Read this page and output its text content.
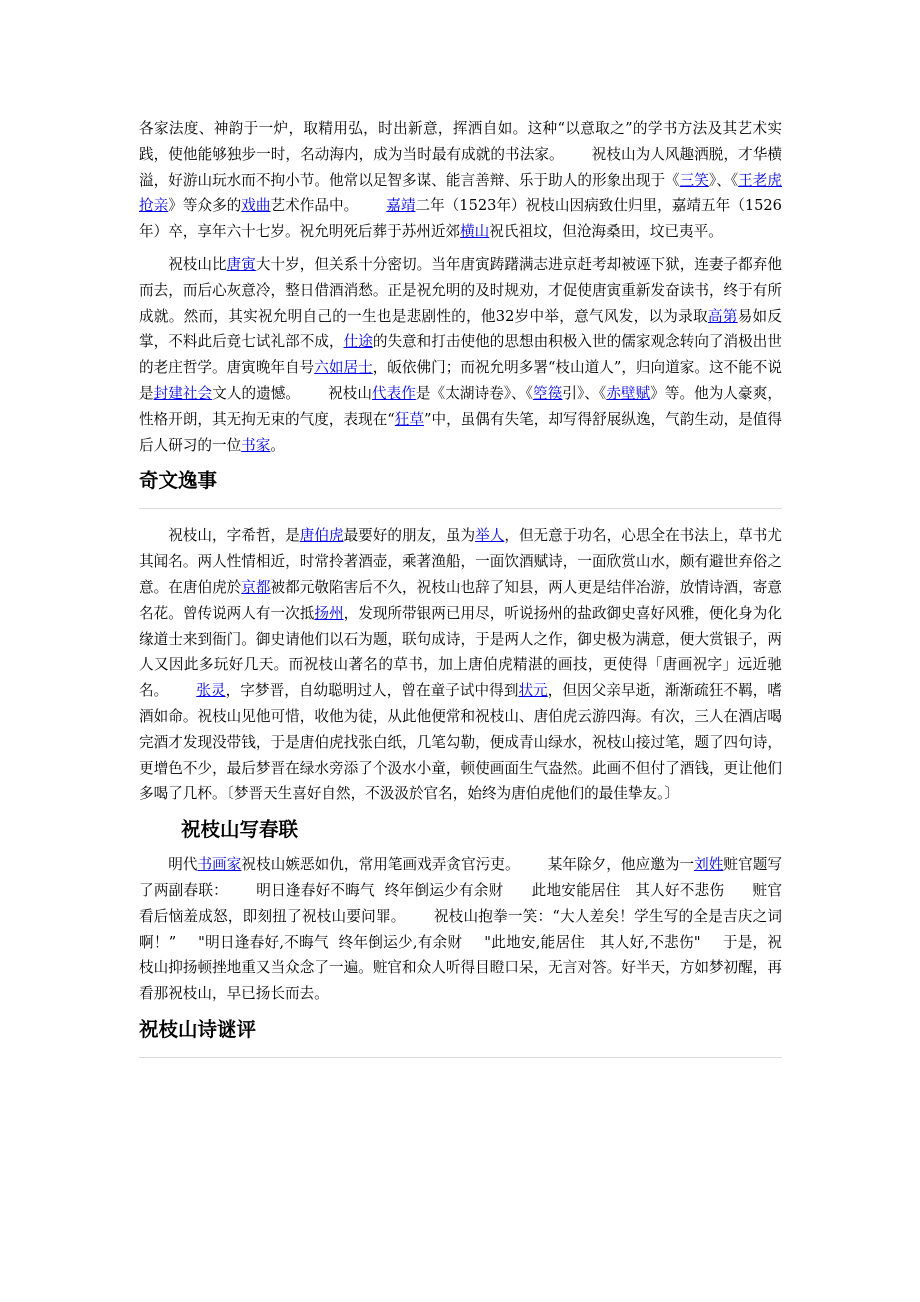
各家法度、神韵于一炉，取精用弘，时出新意，挥洒自如。这种“以意取之”的学书方法及其艺术实践，使他能够独步一时，名动海内，成为当时最有成就的书法家。 祝枝山为人风趣洒脱，才华横溢，好游山玩水而不拘小节。他常以足智多谋、能言善辩、乐于助人的形象出现于《三笑》、《王老虎抢亲》等众多的戏曲艺术作品中。 嘉靖二年（1523年）祝枝山因病致仕归里，嘉靖五年（1526年）卒，享年六十七岁。祝允明死后葬于苏州近郊横山祝氏祖坟，但沧海桑田，坟已夷平。

祝枝山比唐寅大十岁，但关系十分密切。当年唐寅踌躇满志进京赶考却被诬下狱，连妻子都弃他而去，而后心灰意冷，整日借酒消愁。正是祝允明的及时规劝，才促使唐寅重新发奋读书，终于有所成就。然而，其实祝允明自己的一生也是悲剧性的，他32岁中举，意气风发，以为录取高第易如反掌，不料此后竟七试礼部不成，仕途的失意和打击使他的思想由积极入世的儒家观念转向了消极出世的老庄哲学。唐寅晚年自号六如居士，皈依佛门；而祝允明多署“枝山道人”，归向道家。这不能不说是封建社会文人的遗憾。 祝枝山代表作是《太湖诗卷》、《箜篌引》、《赤壁赋》等。他为人豪爽，性格开朗，其无拘无束的气度，表现在“狂草”中，虽偶有失笔，却写得舒展纵逸，气韵生动，是值得后人研习的一位书家。

奇文逸事

祝枝山，字希哲，是唐伯虎最要好的朋友，虽为举人，但无意于功名，心思全在书法上，草书尤其闻名。两人性情相近，时常拎著酒壶，乘著渔船，一面饮酒赋诗，一面欣赏山水，颇有避世弃俗之意。在唐伯虎於京都被都元敬陷害后不久，祝枝山也辞了知县，两人更是结伴冶游，放情诗酒，寄意名花。曾传说两人有一次抵扬州，发现所带银两已用尽，听说扬州的盐政御史喜好风雅，便化身为化缘道士来到衙门。御史请他们以石为题，联句成诗，于是两人之作，御史极为满意，便大赏银子，两人又因此多玩好几天。而祝枝山著名的草书，加上唐伯虎精湛的画技，更使得「唐画祝字」远近驰名。 张灵，字梦晋，自幼聪明过人，曾在童子试中得到状元，但因父亲早逝，渐渐疏狂不羁，嗜酒如命。祝枝山见他可惜，收他为徒，从此他便常和祝枝山、唐伯虎云游四海。有次，三人在酒店喝完酒才发现没带钱，于是唐伯虎找张白纸，几笔勾勒，便成青山绿水，祝枝山接过笔，题了四句诗，更增色不少，最后梦晋在绿水旁添了个汲水小童，顿使画面生气盎然。此画不但付了酒钱，更让他们多喝了几杯。〔梦晋天生喜好自然，不汲汲於官名，始终为唐伯虎他们的最佳挚友。〕

祝枝山写春联

明代书画家祝枝山嫉恶如仇，常用笔画戏弄贪官污吏。 某年除夕，他应邀为一刘姓赃官题写了两副春联： 明日逢春好不晦气  终年倒运少有余财 此地安能居住   其人好不悲伤 赃官看后恼羞成怒，即刻扭了祝枝山要问罪。 祝枝山抱拳一笑：“大人差矣！学生写的全是吉庆之词啊！” "明日逢春好,不晦气  终年倒运少,有余财 "此地安,能居住   其人好,不悲伤" 于是，祝枝山抑扬顿挫地重又当众念了一遍。赃官和众人听得目瞪口呆，无言对答。好半天，方如梦初醒，再看那祝枝山，早已扬长而去。

祝枝山诗谜评
